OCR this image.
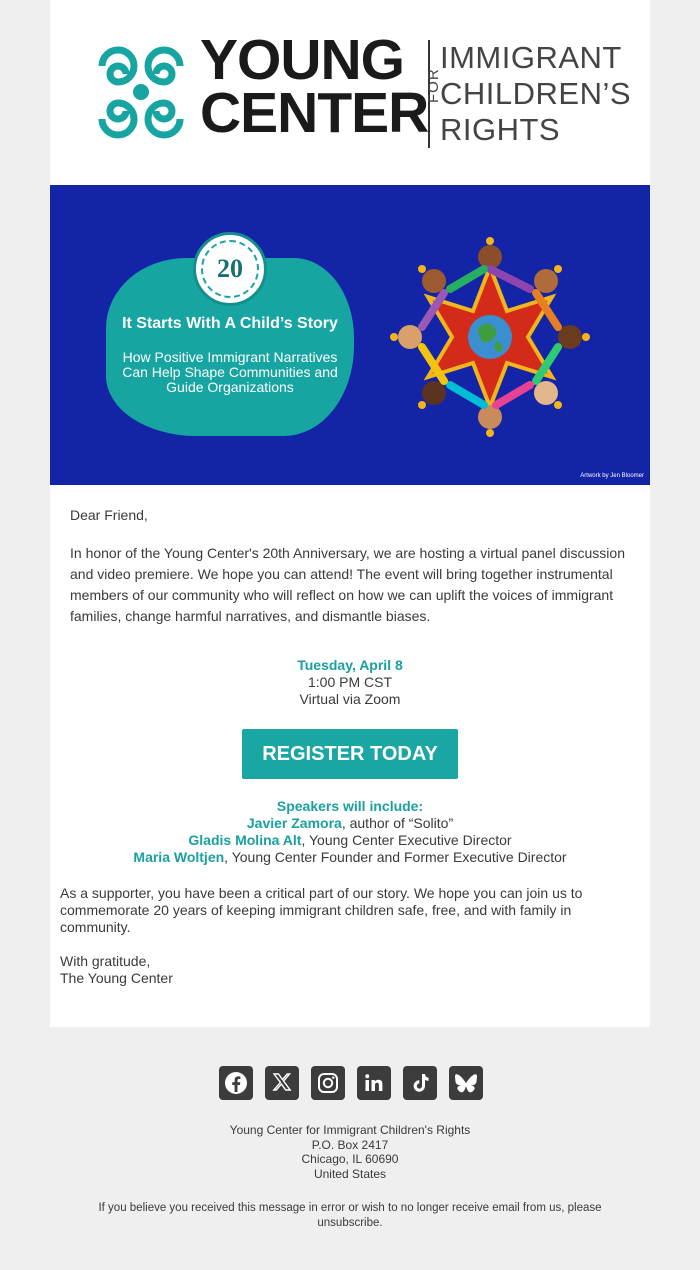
YOUNG
CENTER
FOR
IMMIGRANT
CHILDREN’S
RIGHTS
20
It Starts With A Child’s Story
How Positive Immigrant Narratives Can Help Shape Communities and Guide Organizations
Artwork by Jen Bloomer
Dear Friend,
In honor of the Young Center's 20th Anniversary, we are hosting a virtual panel discussion and video premiere. We hope you can attend! The event will bring together instrumental members of our community who will reflect on how we can uplift the voices of immigrant families, change harmful narratives, and dismantle biases.
Tuesday, April 8
1:00 PM CST
Virtual via Zoom
REGISTER TODAY
Speakers will include:
Javier Zamora, author of “Solito”
Gladis Molina Alt, Young Center Executive Director
Maria Woltjen, Young Center Founder and Former Executive Director
As a supporter, you have been a critical part of our story. We hope you can join us to commemorate 20 years of keeping immigrant children safe, free, and with family in community.
With gratitude,
The Young Center
Young Center for Immigrant Children's Rights
P.O. Box 2417
Chicago, IL 60690
United States
If you believe you received this message in error or wish to no longer receive email from us, please unsubscribe.
